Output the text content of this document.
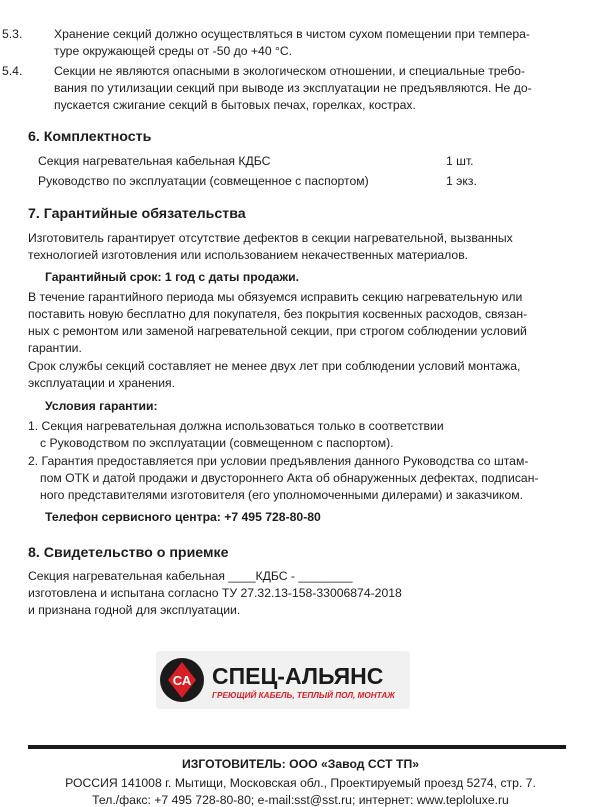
5.3.	Хранение секций должно осуществляться в чистом сухом помещении при темпера-
туре окружающей среды от -50 до +40 °С.
5.4.	Секции не являются опасными в экологическом отношении, и специальные требо-
вания по утилизации секций при выводе из эксплуатации не предъявляются. Не до-
пускается сжигание секций в бытовых печах, горелках, кострах.
6. Комплектность
Секция нагревательная кабельная КДБС	1 шт.
Руководство по эксплуатации (совмещенное с паспортом)	1 экз.
7. Гарантийные обязательства
Изготовитель гарантирует отсутствие дефектов в секции нагревательной, вызванных
технологией изготовления или использованием некачественных материалов.
Гарантийный срок: 1 год с даты продажи.
В течение гарантийного периода мы обязуемся исправить секцию нагревательную или
поставить новую бесплатно для покупателя, без покрытия косвенных расходов, связан-
ных с ремонтом или заменой нагревательной секции, при строгом соблюдении условий
гарантии.
Срок службы секций составляет не менее двух лет при соблюдении условий монтажа,
эксплуатации и хранения.
Условия гарантии:
1. Секция нагревательная должна использоваться только в соответствии
с Руководством по эксплуатации (совмещенном с паспортом).
2. Гарантия предоставляется при условии предъявления данного Руководства со штам-
пом ОТК и датой продажи и двустороннего Акта об обнаруженных дефектах, подписан-
ного представителями изготовителя (его уполномоченными дилерами) и заказчиком.
Телефон сервисного центра: +7 495 728-80-80
8. Свидетельство о приемке
Секция нагревательная кабельная ____КДБС - ________
изготовлена и испытана согласно ТУ 27.32.13-158-33006874-2018
и признана годной для эксплуатации.
СА СПЕЦ-АЛЬЯНС
ГРЕЮЩИЙ КАБЕЛЬ, ТЕПЛЫЙ ПОЛ, МОНТАЖ
ИЗГОТОВИТЕЛЬ: ООО «Завод ССТ ТП»
РОССИЯ 141008 г. Мытищи, Московская обл., Проектируемый проезд 5274, стр. 7.
Тел./факс: +7 495 728-80-80; e-mail:sst@sst.ru; интернет: www.teploluxe.ru
